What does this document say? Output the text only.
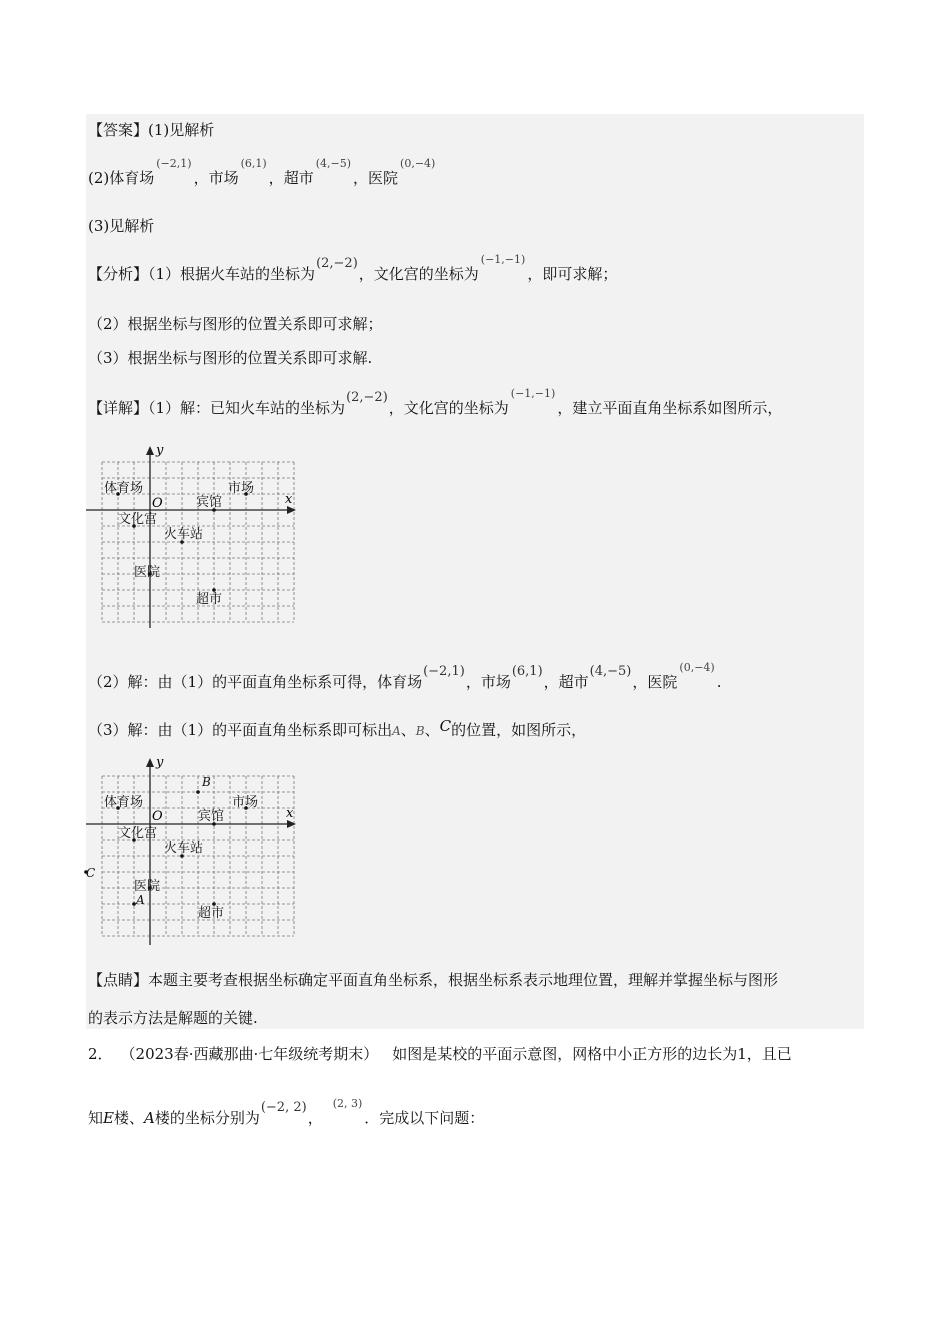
【答案】(1)见解析
(2)体育场(−2,1)，市场(6,1)，超市(4,−5)，医院(0,−4)
(3)见解析
【分析】（1）根据火车站的坐标为(2,−2)，文化宫的坐标为(−1,−1)，即可求解；
（2）根据坐标与图形的位置关系即可求解；
（3）根据坐标与图形的位置关系即可求解.
【详解】（1）解：已知火车站的坐标为(2,−2)，文化宫的坐标为(−1,−1)，建立平面直角坐标系如图所示，
x
y
O
体育场	市场
宾馆
文化宫
火车站
医院
超市
（2）解：由（1）的平面直角坐标系可得，体育场(−2,1)，市场(6,1)，超市(4,−5)，医院(0,−4).
（3）解：由（1）的平面直角坐标系即可标出A、B、C的位置，如图所示，
x
y
O
体育场	市场
宾馆
文化宫
火车站
医院
超市
A
B
C
【点睛】本题主要考查根据坐标确定平面直角坐标系，根据坐标系表示地理位置，理解并掌握坐标与图形
的表示方法是解题的关键.
2． （2023春·西藏那曲·七年级统考期末） 如图是某校的平面示意图，网格中小正方形的边长为1，且已
知E楼、A楼的坐标分别为(−2, 2)，(2, 3)．完成以下问题：
